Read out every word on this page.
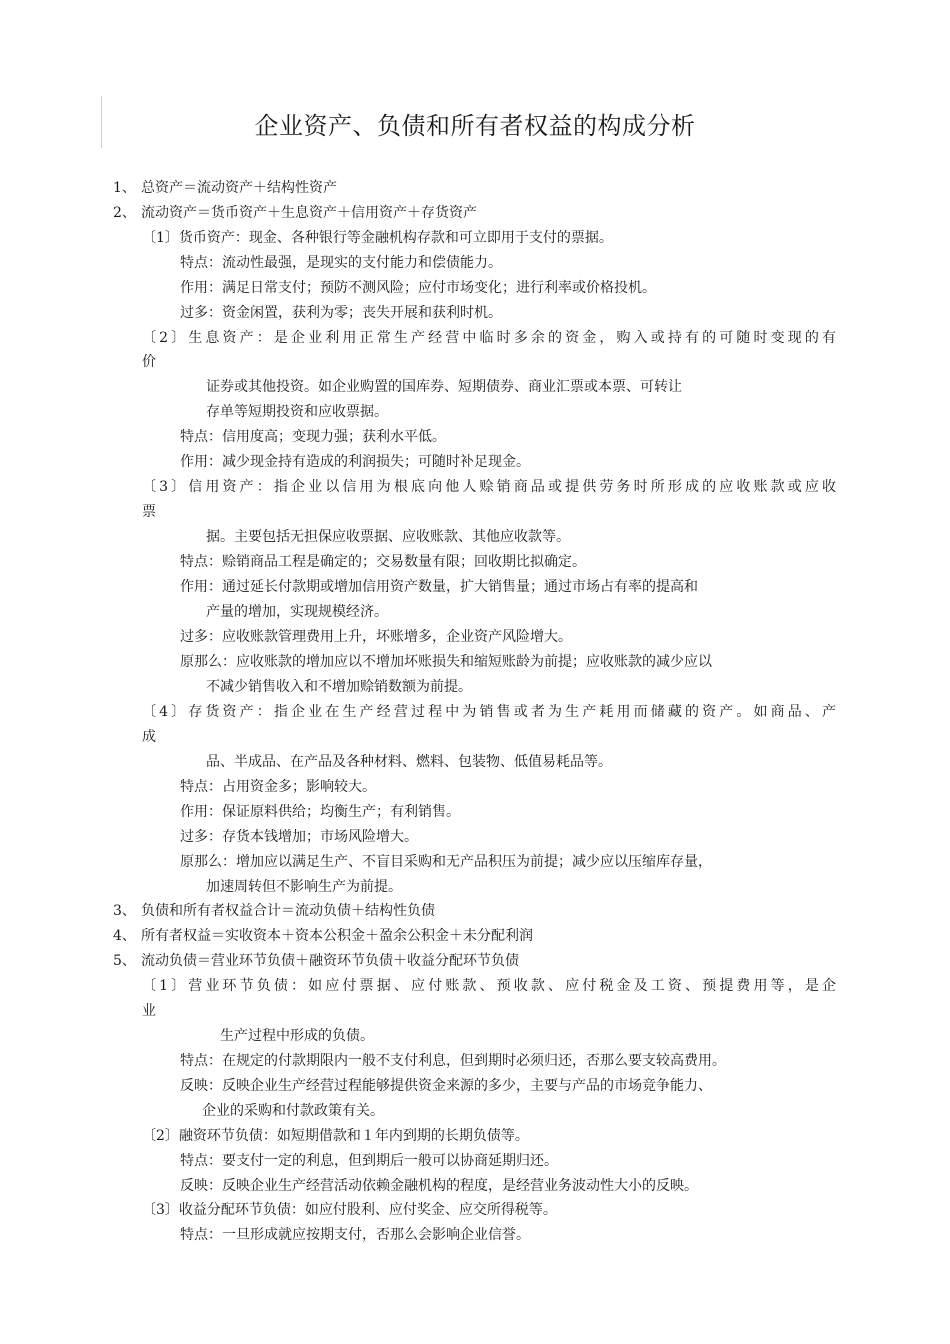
企业资产、负债和所有者权益的构成分析
1、 总资产＝流动资产＋结构性资产
2、 流动资产＝货币资产＋生息资产＋信用资产＋存货资产
〔1〕货币资产：现金、各种银行等金融机构存款和可立即用于支付的票据。
特点：流动性最强，是现实的支付能力和偿债能力。
作用：满足日常支付；预防不测风险；应付市场变化；进行利率或价格投机。
过多：资金闲置，获利为零；丧失开展和获利时机。
〔2〕生息资产：是企业利用正常生产经营中临时多余的资金，购入或持有的可随时变现的有
价
证券或其他投资。如企业购置的国库券、短期债券、商业汇票或本票、可转让
存单等短期投资和应收票据。
特点：信用度高；变现力强；获利水平低。
作用：减少现金持有造成的利润损失；可随时补足现金。
〔3〕信用资产：指企业以信用为根底向他人赊销商品或提供劳务时所形成的应收账款或应收
票
据。主要包括无担保应收票据、应收账款、其他应收款等。
特点：赊销商品工程是确定的；交易数量有限；回收期比拟确定。
作用：通过延长付款期或增加信用资产数量，扩大销售量；通过市场占有率的提高和
产量的增加，实现规模经济。
过多：应收账款管理费用上升，坏账增多，企业资产风险增大。
原那么：应收账款的增加应以不增加坏账损失和缩短账龄为前提；应收账款的减少应以
不减少销售收入和不增加赊销数额为前提。
〔4〕存货资产：指企业在生产经营过程中为销售或者为生产耗用而储藏的资产。如商品、产
成
品、半成品、在产品及各种材料、燃料、包装物、低值易耗品等。
特点：占用资金多；影响较大。
作用：保证原料供给；均衡生产；有利销售。
过多：存货本钱增加；市场风险增大。
原那么：增加应以满足生产、不盲目采购和无产品积压为前提；减少应以压缩库存量，
加速周转但不影响生产为前提。
3、 负债和所有者权益合计＝流动负债＋结构性负债
4、 所有者权益＝实收资本＋资本公积金＋盈余公积金＋未分配利润
5、 流动负债＝营业环节负债＋融资环节负债＋收益分配环节负债
〔1〕营业环节负债：如应付票据、应付账款、预收款、应付税金及工资、预提费用等，是企
业
生产过程中形成的负债。
特点：在规定的付款期限内一般不支付利息，但到期时必须归还，否那么要支较高费用。
反映：反映企业生产经营过程能够提供资金来源的多少，主要与产品的市场竞争能力、
企业的采购和付款政策有关。
〔2〕融资环节负债：如短期借款和１年内到期的长期负债等。
特点：要支付一定的利息，但到期后一般可以协商延期归还。
反映：反映企业生产经营活动依赖金融机构的程度，是经营业务波动性大小的反映。
〔3〕收益分配环节负债：如应付股利、应付奖金、应交所得税等。
特点：一旦形成就应按期支付，否那么会影响企业信誉。
